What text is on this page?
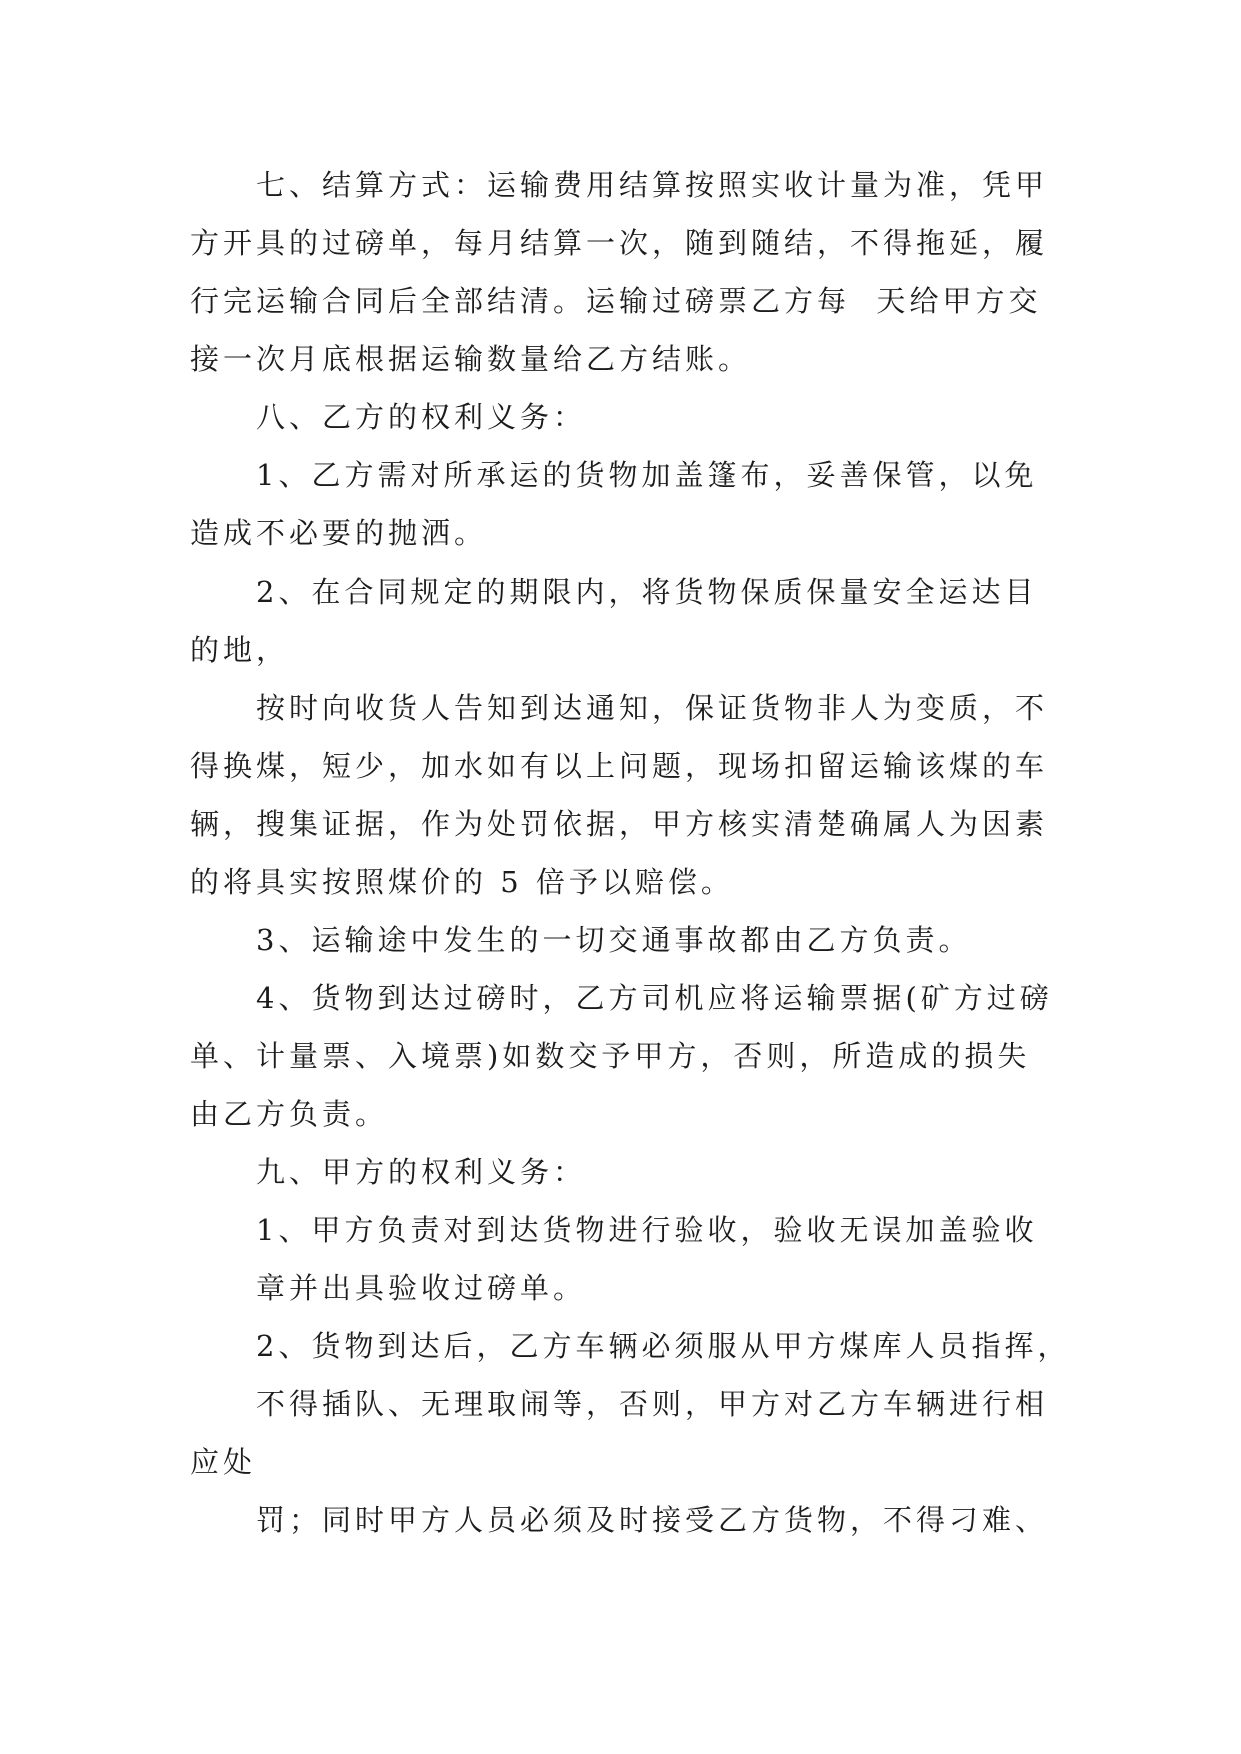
七、结算方式：运输费用结算按照实收计量为准，凭甲
方开具的过磅单，每月结算一次，随到随结，不得拖延，履
行完运输合同后全部结清。运输过磅票乙方每  天给甲方交
接一次月底根据运输数量给乙方结账。
八、乙方的权利义务：
1、乙方需对所承运的货物加盖篷布，妥善保管，以免
造成不必要的抛洒。
2、在合同规定的期限内，将货物保质保量安全运达目
的地，
按时向收货人告知到达通知，保证货物非人为变质，不
得换煤，短少，加水如有以上问题，现场扣留运输该煤的车
辆，搜集证据，作为处罚依据，甲方核实清楚确属人为因素
的将具实按照煤价的 5 倍予以赔偿。
3、运输途中发生的一切交通事故都由乙方负责。
4、货物到达过磅时，乙方司机应将运输票据(矿方过磅
单、计量票、入境票)如数交予甲方，否则，所造成的损失
由乙方负责。
九、甲方的权利义务：
1、甲方负责对到达货物进行验收，验收无误加盖验收
章并出具验收过磅单。
2、货物到达后，乙方车辆必须服从甲方煤库人员指挥，
不得插队、无理取闹等，否则，甲方对乙方车辆进行相
应处
罚；同时甲方人员必须及时接受乙方货物，不得刁难、
